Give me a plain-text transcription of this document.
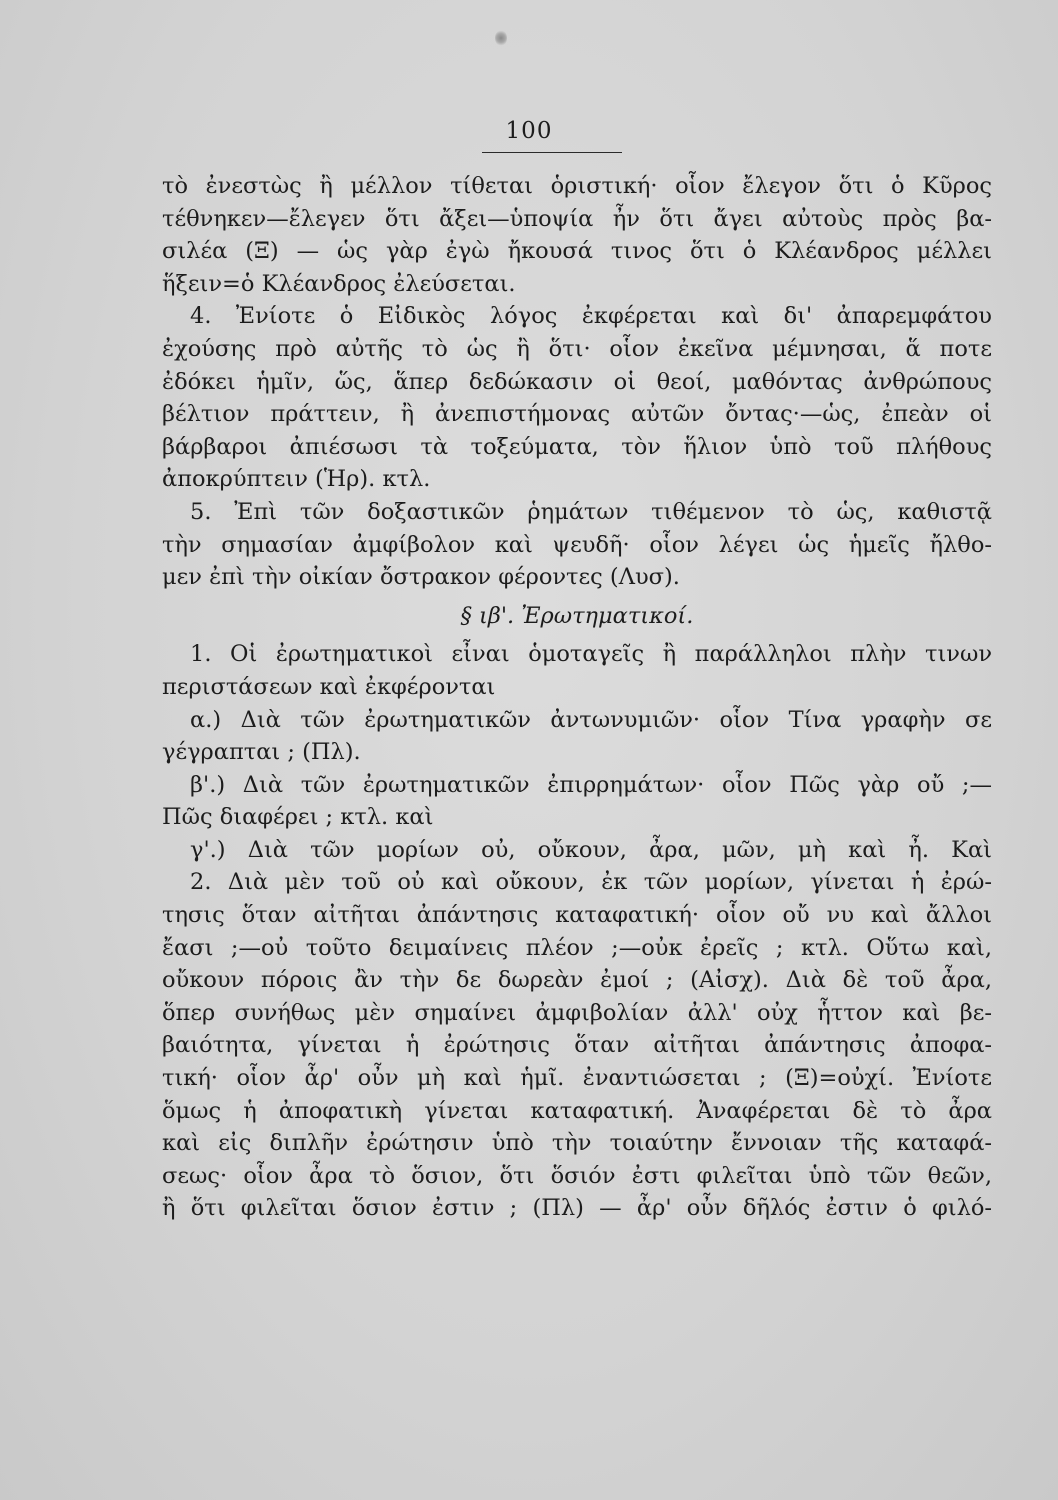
100
τὸ ἐνεστὼς ἢ μέλλον τίθεται ὁριστική· οἷον ἔλεγον ὅτι ὁ Κῦρος
τέθνηκεν—ἔλεγεν ὅτι ἄξει—ὑποψία ἦν ὅτι ἄγει αὐτοὺς πρὸς βα-
σιλέα (Ξ) — ὡς γὰρ ἐγὼ ἤκουσά τινος ὅτι ὁ Κλέανδρος μέλλει
ἥξειν=ὁ Κλέανδρος ἐλεύσεται.
4. Ἐνίοτε ὁ Εἰδικὸς λόγος ἐκφέρεται καὶ δι' ἀπαρεμφάτου
ἐχούσης πρὸ αὐτῆς τὸ ὡς ἢ ὅτι· οἷον ἐκεῖνα μέμνησαι, ἅ ποτε
ἐδόκει ἡμῖν, ὥς, ἅπερ δεδώκασιν οἱ θεοί, μαθόντας ἀνθρώπους
βέλτιον πράττειν, ἢ ἀνεπιστήμονας αὐτῶν ὄντας·—ὡς, ἐπεὰν οἱ
βάρβαροι ἀπιέσωσι τὰ τοξεύματα, τὸν ἥλιον ὑπὸ τοῦ πλήθους
ἀποκρύπτειν (Ἡρ). κτλ.
5. Ἐπὶ τῶν δοξαστικῶν ῥημάτων τιθέμενον τὸ ὡς, καθιστᾷ
τὴν σημασίαν ἀμφίβολον καὶ ψευδῆ· οἷον λέγει ὡς ἡμεῖς ἤλθο-
μεν ἐπὶ τὴν οἰκίαν ὄστρακον φέροντες (Λυσ).
§ ιβ'. Ἐρωτηματικοί.
1. Οἱ ἐρωτηματικοὶ εἶναι ὁμοταγεῖς ἢ παράλληλοι πλὴν τινων
περιστάσεων καὶ ἐκφέρονται
α.) Διὰ τῶν ἐρωτηματικῶν ἀντωνυμιῶν· οἷον Τίνα γραφὴν σε
γέγραπται ; (Πλ).
β'.) Διὰ τῶν ἐρωτηματικῶν ἐπιρρημάτων· οἷον Πῶς γὰρ οὔ ;—
Πῶς διαφέρει ; κτλ. καὶ
γ'.) Διὰ τῶν μορίων οὐ, οὔκουν, ἆρα, μῶν, μὴ καὶ ἦ. Καὶ
2. Διὰ μὲν τοῦ οὐ καὶ οὔκουν, ἐκ τῶν μορίων, γίνεται ἡ ἐρώ-
τησις ὅταν αἰτῆται ἀπάντησις καταφατική· οἷον οὔ νυ καὶ ἄλλοι
ἔασι ;—οὐ τοῦτο δειμαίνεις πλέον ;—οὐκ ἐρεῖς ; κτλ. Οὕτω καὶ,
οὔκουν πόροις ἂν τὴν δε δωρεὰν ἐμοί ; (Αἰσχ). Διὰ δὲ τοῦ ἆρα,
ὅπερ συνήθως μὲν σημαίνει ἀμφιβολίαν ἀλλ' οὐχ ἧττον καὶ βε-
βαιότητα, γίνεται ἡ ἐρώτησις ὅταν αἰτῆται ἀπάντησις ἀποφα-
τική· οἷον ἆρ' οὖν μὴ καὶ ἡμῖ. ἐναντιώσεται ; (Ξ)=οὐχί. Ἐνίοτε
ὅμως ἡ ἀποφατικὴ γίνεται καταφατική. Ἀναφέρεται δὲ τὸ ἆρα
καὶ εἰς διπλῆν ἐρώτησιν ὑπὸ τὴν τοιαύτην ἔννοιαν τῆς καταφά-
σεως· οἷον ἆρα τὸ ὅσιον, ὅτι ὅσιόν ἐστι φιλεῖται ὑπὸ τῶν θεῶν,
ἢ ὅτι φιλεῖται ὅσιον ἐστιν ; (Πλ) — ἆρ' οὖν δῆλός ἐστιν ὁ φιλό-
